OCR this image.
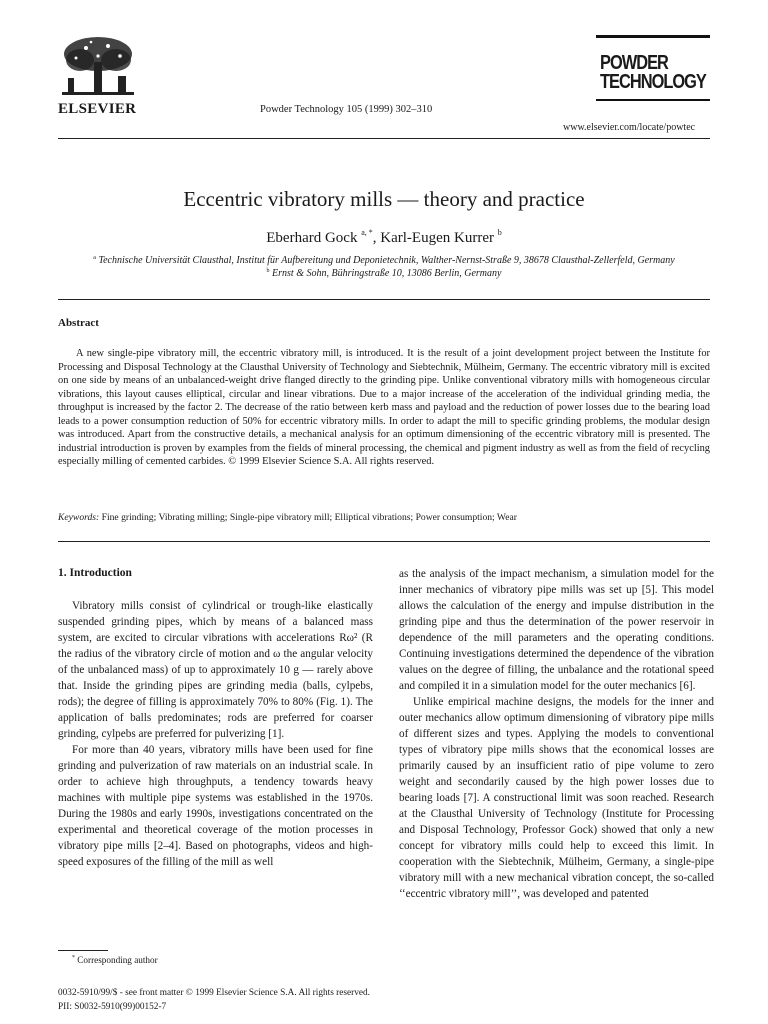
ELSEVIER	Powder Technology 105 (1999) 302–310
POWDER
TECHNOLOGY
www.elsevier.com/locate/powtec
Eccentric vibratory mills — theory and practice
Eberhard Gock $^{a, *}$, Karl-Eugen Kurrer $^b$
$^a$ Technische Universität Clausthal, Institut für Aufbereitung und Deponietechnik, Walther-Nernst-Straße 9, 38678 Clausthal-Zellerfeld, Germany
$^b$ Ernst & Sohn, Bühringstraße 10, 13086 Berlin, Germany
Abstract
A new single-pipe vibratory mill, the eccentric vibratory mill, is introduced. It is the result of a joint development project between the Institute for Processing and Disposal Technology at the Clausthal University of Technology and Siebtechnik, Mülheim, Germany. The eccentric vibratory mill is excited on one side by means of an unbalanced-weight drive flanged directly to the grinding pipe. Unlike conventional vibratory mills with homogeneous circular vibrations, this layout causes elliptical, circular and linear vibrations. Due to a major increase of the acceleration of the individual grinding media, the throughput is increased by the factor 2. The decrease of the ratio between kerb mass and payload and the reduction of power losses due to the bearing load leads to a power consumption reduction of 50% for eccentric vibratory mills. In order to adapt the mill to specific grinding problems, the modular design was introduced. Apart from the constructive details, a mechanical analysis for an optimum dimensioning of the eccentric vibratory mill is presented. The industrial introduction is proven by examples from the fields of mineral processing, the chemical and pigment industry as well as from the field of recycling especially milling of cemented carbides. © 1999 Elsevier Science S.A. All rights reserved.
Keywords: Fine grinding; Vibrating milling; Single-pipe vibratory mill; Elliptical vibrations; Power consumption; Wear
1. Introduction

Vibratory mills consist of cylindrical or trough-like elastically suspended grinding pipes, which by means of a balanced mass system, are excited to circular vibrations with accelerations Rω² (R the radius of the vibratory circle of motion and ω the angular velocity of the unbalanced mass) of up to approximately 10 g — rarely above that. Inside the grinding pipes are grinding media (balls, cylpebs, rods); the degree of filling is approximately 70% to 80% (Fig. 1). The application of balls predominates; rods are preferred for coarser grinding, cylpebs are preferred for pulverizing [1].

For more than 40 years, vibratory mills have been used for fine grinding and pulverization of raw materials on an industrial scale. In order to achieve high throughputs, a tendency towards heavy machines with multiple pipe systems was established in the 1970s. During the 1980s and early 1990s, investigations concentrated on the experimental and theoretical coverage of the motion processes in vibratory pipe mills [2–4]. Based on photographs, videos and high-speed exposures of the filling of the mill as well

as the analysis of the impact mechanism, a simulation model for the inner mechanics of vibratory pipe mills was set up [5]. This model allows the calculation of the energy and impulse distribution in the grinding pipe and thus the determination of the power reservoir in dependence of the mill parameters and the operating conditions. Continuing investigations determined the dependence of the vibration values on the degree of filling, the unbalance and the rotational speed and compiled it in a simulation model for the outer mechanics [6].

Unlike empirical machine designs, the models for the inner and outer mechanics allow optimum dimensioning of vibratory pipe mills of different sizes and types. Applying the models to conventional types of vibratory pipe mills shows that the economical losses are primarily caused by an insufficient ratio of pipe volume to zero weight and secondarily caused by the high power losses due to bearing loads [7]. A constructional limit was soon reached. Research at the Clausthal University of Technology (Institute for Processing and Disposal Technology, Professor Gock) showed that only a new concept for vibratory mills could help to exceed this limit. In cooperation with the Siebtechnik, Mülheim, Germany, a single-pipe vibratory mill with a new mechanical vibration concept, the so-called ‘‘eccentric vibratory mill’’, was developed and patented

* Corresponding author
0032-5910/99/$ - see front matter © 1999 Elsevier Science S.A. All rights reserved.
PII: S0032-5910(99)00152-7
